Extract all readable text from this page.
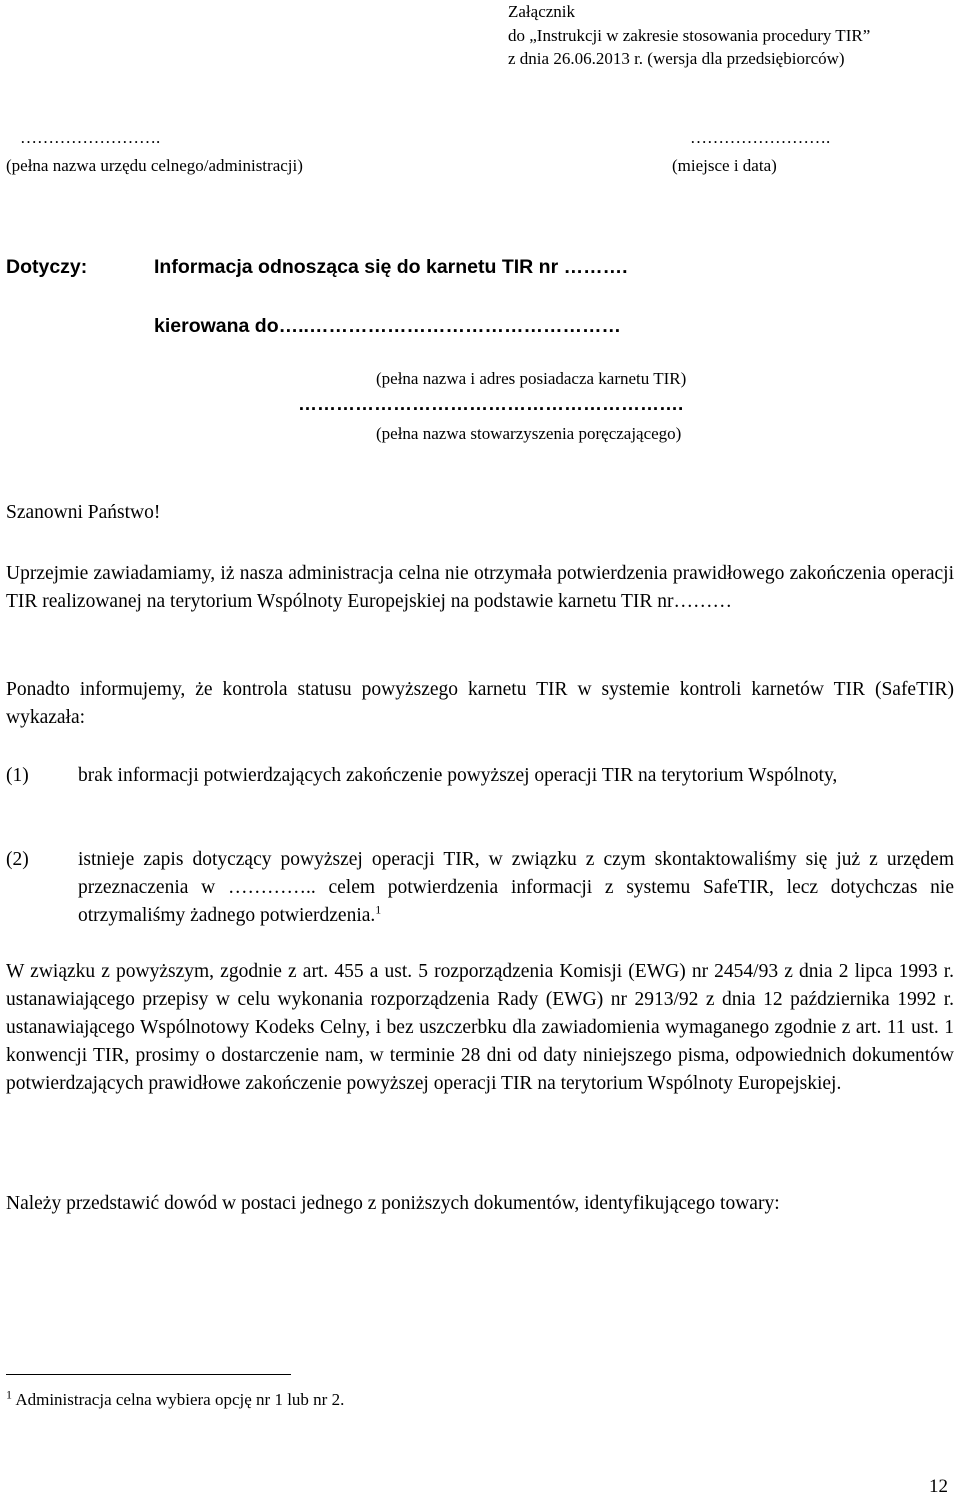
Załącznik

do „Instrukcji w zakresie stosowania procedury TIR”

z dnia 26.06.2013 r. (wersja dla przedsiębiorców)

…………………….

(pełna nazwa urzędu celnego/administracji)

…………………….

(miejsce i data)

Dotyczy:	Informacja odnosząca się do karnetu TIR nr ……….

kierowana do…..…………………………………………

(pełna nazwa i adres posiadacza karnetu TIR)

…………………………………………………….

(pełna nazwa stowarzyszenia poręczającego)

Szanowni Państwo!

Uprzejmie zawiadamiamy, iż nasza administracja celna nie otrzymała potwierdzenia prawidłowego zakończenia operacji TIR realizowanej na terytorium Wspólnoty Europejskiej na podstawie karnetu TIR nr………

Ponadto informujemy, że kontrola statusu powyższego karnetu TIR w systemie kontroli karnetów TIR (SafeTIR) wykazała:

(1)	brak informacji potwierdzających zakończenie powyższej operacji TIR na terytorium Wspólnoty,

(2)	istnieje zapis dotyczący powyższej operacji TIR, w związku z czym skontaktowaliśmy się już z urzędem przeznaczenia w ………….. celem potwierdzenia informacji z systemu SafeTIR, lecz dotychczas nie otrzymaliśmy żadnego potwierdzenia.$^1$

W związku z powyższym, zgodnie z art. 455 a ust. 5 rozporządzenia Komisji (EWG) nr 2454/93 z dnia 2 lipca 1993 r. ustanawiającego przepisy w celu wykonania rozporządzenia Rady (EWG) nr 2913/92 z dnia 12 października 1992 r. ustanawiającego Wspólnotowy Kodeks Celny, i bez uszczerbku dla zawiadomienia wymaganego zgodnie z art. 11 ust. 1 konwencji TIR, prosimy o dostarczenie nam, w terminie 28 dni od daty niniejszego pisma, odpowiednich dokumentów potwierdzających prawidłowe zakończenie powyższej operacji TIR na terytorium Wspólnoty Europejskiej.

Należy przedstawić dowód w postaci jednego z poniższych dokumentów, identyfikującego towary:

$^1$ Administracja celna wybiera opcję nr 1 lub nr 2.

12
